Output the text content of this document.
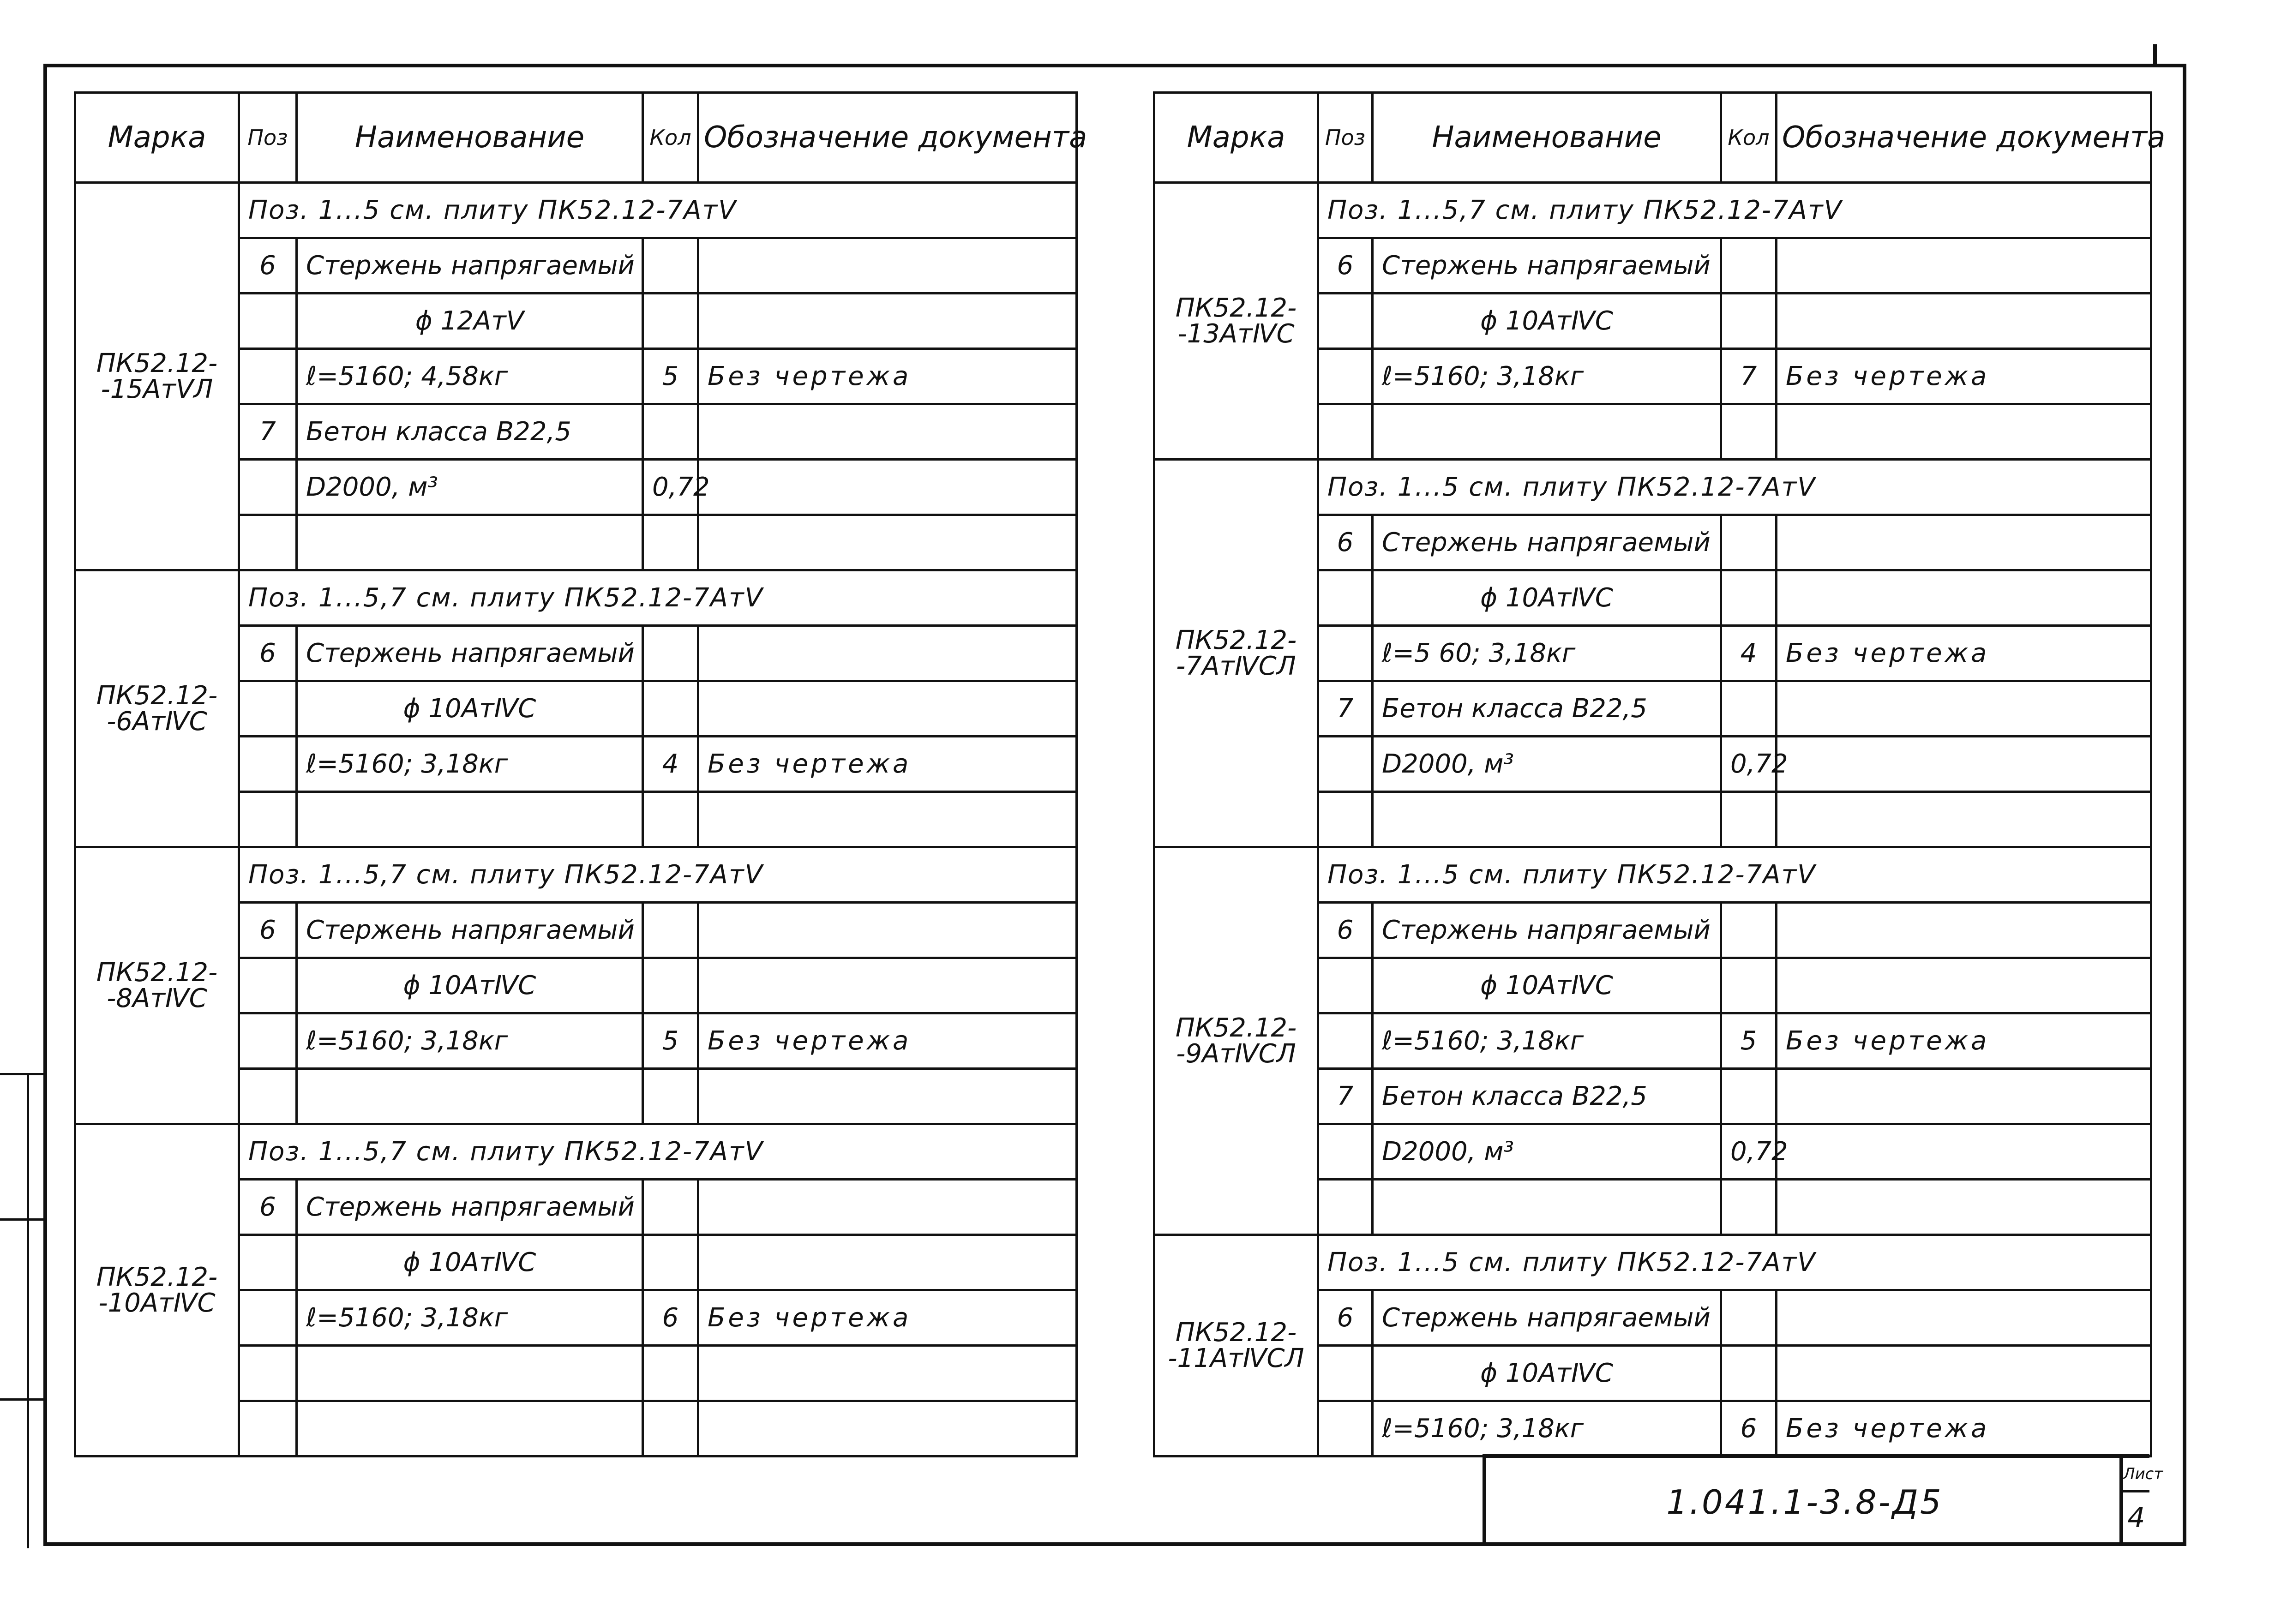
Марка	Поз	Наименование	Кол	Обозначение документа
ПК52.12-
-15АтⅤЛ	Поз. 1...5 см. плиту ПК52.12-7АтⅤ			
	6	Стержень напрягаемый		
		ϕ 12АтⅤ		
		ℓ=5160; 4,58кг	5	Без чертежа
	7	Бетон класса В22,5		
		D2000, м³	0,72	

ПК52.12-
-6АтⅣС	Поз. 1...5,7 см. плиту ПК52.12-7АтⅤ			
	6	Стержень напрягаемый		
		ϕ 10АтⅣС		
		ℓ=5160; 3,18кг	4	Без чертежа

ПК52.12-
-8АтⅣС	Поз. 1...5,7 см. плиту ПК52.12-7АтⅤ			
	6	Стержень напрягаемый		
		ϕ 10АтⅣС		
		ℓ=5160; 3,18кг	5	Без чертежа

ПК52.12-
-10АтⅣС	Поз. 1...5,7 см. плиту ПК52.12-7АтⅤ			
	6	Стержень напрягаемый		
		ϕ 10АтⅣС		
		ℓ=5160; 3,18кг	6	Без чертежа

Марка	Поз	Наименование	Кол	Обозначение документа
ПК52.12-
-13АтⅣС	Поз. 1...5,7 см. плиту ПК52.12-7АтⅤ			
	6	Стержень напрягаемый		
		ϕ 10АтⅣС		
		ℓ=5160; 3,18кг	7	Без чертежа

ПК52.12-
-7АтⅣСЛ	Поз. 1...5 см. плиту ПК52.12-7АтⅤ			
	6	Стержень напрягаемый		
		ϕ 10АтⅣС		
		ℓ=5 60; 3,18кг	4	Без чертежа
	7	Бетон класса В22,5		
		D2000, м³	0,72	

ПК52.12-
-9АтⅣСЛ	Поз. 1...5 см. плиту ПК52.12-7АтⅤ			
	6	Стержень напрягаемый		
		ϕ 10АтⅣС		
		ℓ=5160; 3,18кг	5	Без чертежа
	7	Бетон класса В22,5		
		D2000, м³	0,72	

ПК52.12-
-11АтⅣСЛ	Поз. 1...5 см. плиту ПК52.12-7АтⅤ			
	6	Стержень напрягаемый		
		ϕ 10АтⅣС		
		ℓ=5160; 3,18кг	6	Без чертежа
1.041.1-3.8-Д5
Лист
4
